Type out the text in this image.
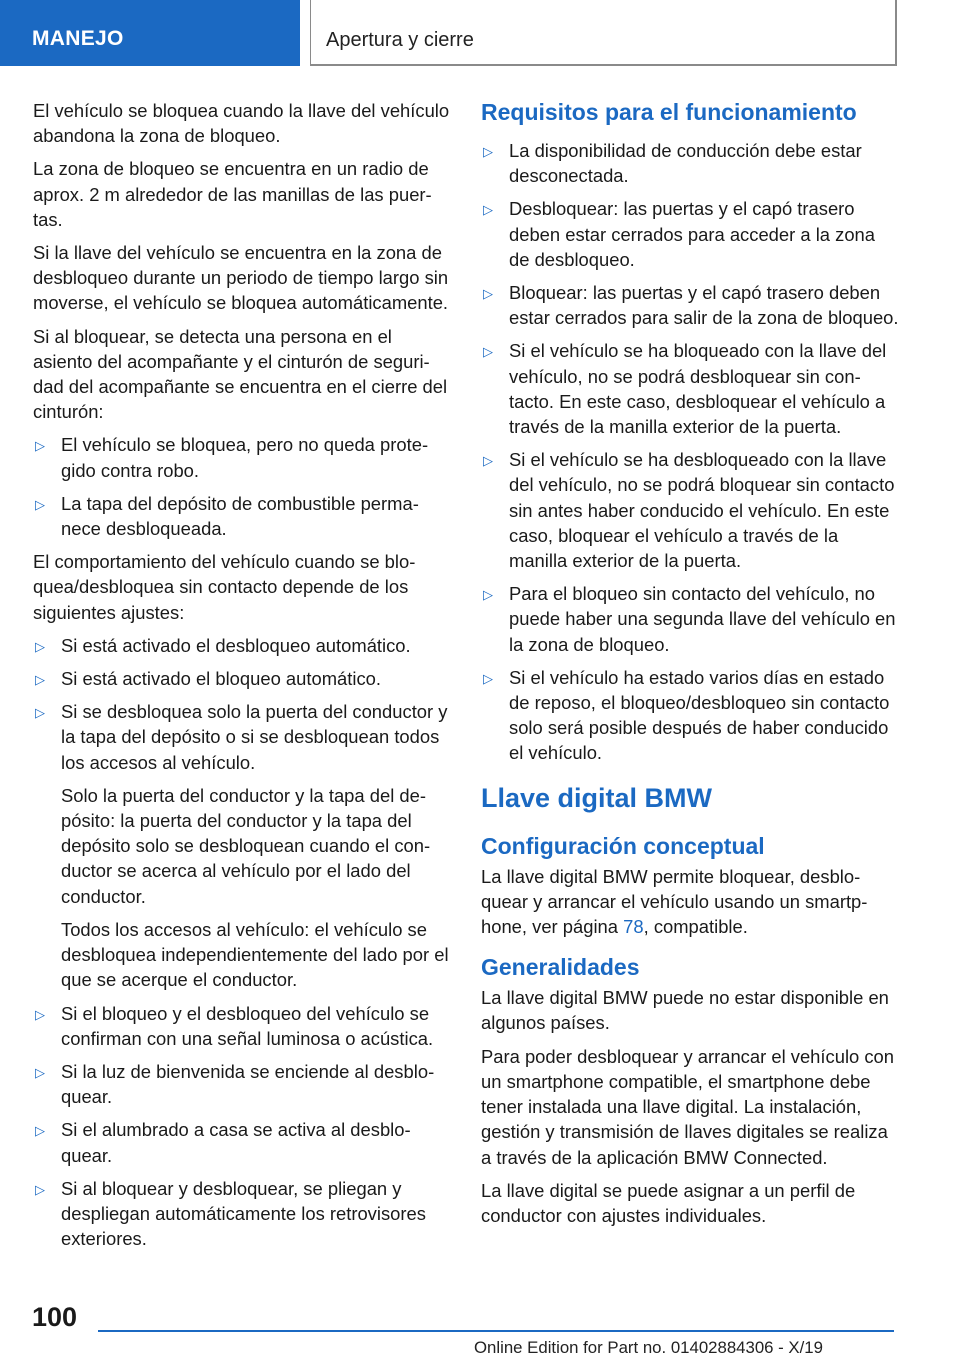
MANEJO	Apertura y cierre

El vehículo se bloquea cuando la llave del vehículo abandona la zona de bloqueo.

La zona de bloqueo se encuentra en un radio de aprox. 2 m alrededor de las manillas de las puertas.

Si la llave del vehículo se encuentra en la zona de desbloqueo durante un periodo de tiempo largo sin moverse, el vehículo se bloquea automáticamente.

Si al bloquear, se detecta una persona en el asiento del acompañante y el cinturón de seguridad del acompañante se encuentra en el cierre del cinturón:

▷ El vehículo se bloquea, pero no queda protegido contra robo.
▷ La tapa del depósito de combustible permanece desbloqueada.

El comportamiento del vehículo cuando se bloquea/desbloquea sin contacto depende de los siguientes ajustes:

▷ Si está activado el desbloqueo automático.
▷ Si está activado el bloqueo automático.
▷ Si se desbloquea solo la puerta del conductor y la tapa del depósito o si se desbloquean todos los accesos al vehículo.

Solo la puerta del conductor y la tapa del depósito: la puerta del conductor y la tapa del depósito solo se desbloquean cuando el conductor se acerca al vehículo por el lado del conductor.

Todos los accesos al vehículo: el vehículo se desbloquea independientemente del lado por el que se acerque el conductor.

▷ Si el bloqueo y el desbloqueo del vehículo se confirman con una señal luminosa o acústica.
▷ Si la luz de bienvenida se enciende al desbloquear.
▷ Si el alumbrado a casa se activa al desbloquear.
▷ Si al bloquear y desbloquear, se pliegan y despliegan automáticamente los retrovisores exteriores.
Requisitos para el funcionamiento
▷ La disponibilidad de conducción debe estar desconectada.
▷ Desbloquear: las puertas y el capó trasero deben estar cerrados para acceder a la zona de desbloqueo.
▷ Bloquear: las puertas y el capó trasero deben estar cerrados para salir de la zona de bloqueo.
▷ Si el vehículo se ha bloqueado con la llave del vehículo, no se podrá desbloquear sin contacto. En este caso, desbloquear el vehículo a través de la manilla exterior de la puerta.
▷ Si el vehículo se ha desbloqueado con la llave del vehículo, no se podrá bloquear sin contacto sin antes haber conducido el vehículo. En este caso, bloquear el vehículo a través de la manilla exterior de la puerta.
▷ Para el bloqueo sin contacto del vehículo, no puede haber una segunda llave del vehículo en la zona de bloqueo.
▷ Si el vehículo ha estado varios días en estado de reposo, el bloqueo/desbloqueo sin contacto solo será posible después de haber conducido el vehículo.
Llave digital BMW
Configuración conceptual

La llave digital BMW permite bloquear, desbloquear y arrancar el vehículo usando un smartphone, ver página 78, compatible.

Generalidades

La llave digital BMW puede no estar disponible en algunos países.

Para poder desbloquear y arrancar el vehículo con un smartphone compatible, el smartphone debe tener instalada una llave digital. La instalación, gestión y transmisión de llaves digitales se realiza a través de la aplicación BMW Connected.

La llave digital se puede asignar a un perfil de conductor con ajustes individuales.

100
Online Edition for Part no. 01402884306 - X/19
